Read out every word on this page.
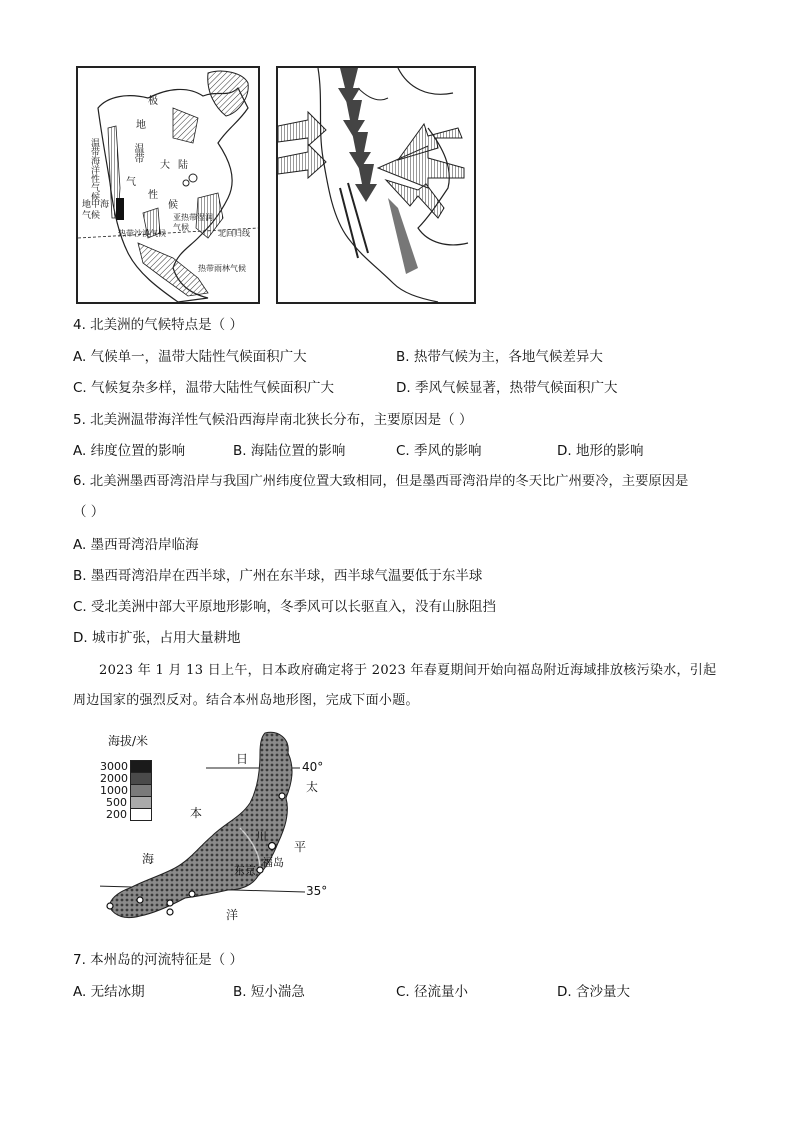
极
地
温带海洋性气候	温带
大陆
性
气
候
地中海气候	亚热带湿润气候
热带沙漠气候	北回归线
热带雨林气候
4. 北美洲的气候特点是（ ）
A. 气候单一，温带大陆性气候面积广大	B. 热带气候为主，各地气候差异大
C. 气候复杂多样，温带大陆性气候面积广大	D. 季风气候显著，热带气候面积广大
5. 北美洲温带海洋性气候沿西海岸南北狭长分布，主要原因是（ ）
A. 纬度位置的影响	B. 海陆位置的影响	C. 季风的影响	D. 地形的影响
6. 北美洲墨西哥湾沿岸与我国广州纬度位置大致相同，但是墨西哥湾沿岸的冬天比广州要冷，主要原因是
（ ）
A. 墨西哥湾沿岸临海
B. 墨西哥湾沿岸在西半球，广州在东半球，西半球气温要低于东半球
C. 受北美洲中部大平原地形影响，冬季风可以长驱直入，没有山脉阻挡
D. 城市扩张，占用大量耕地
2023 年 1 月 13 日上午，日本政府确定将于 2023 年春夏期间开始向福岛附近海域排放核污染水，引起
周边国家的强烈反对。结合本州岛地形图，完成下面小题。
海拔/米
3000
2000
1000
500
200
40°
35°
日
本
海
太
平
洋
福岛
东京
川
7. 本州岛的河流特征是（ ）
A. 无结冰期	B. 短小湍急	C. 径流量小	D. 含沙量大
